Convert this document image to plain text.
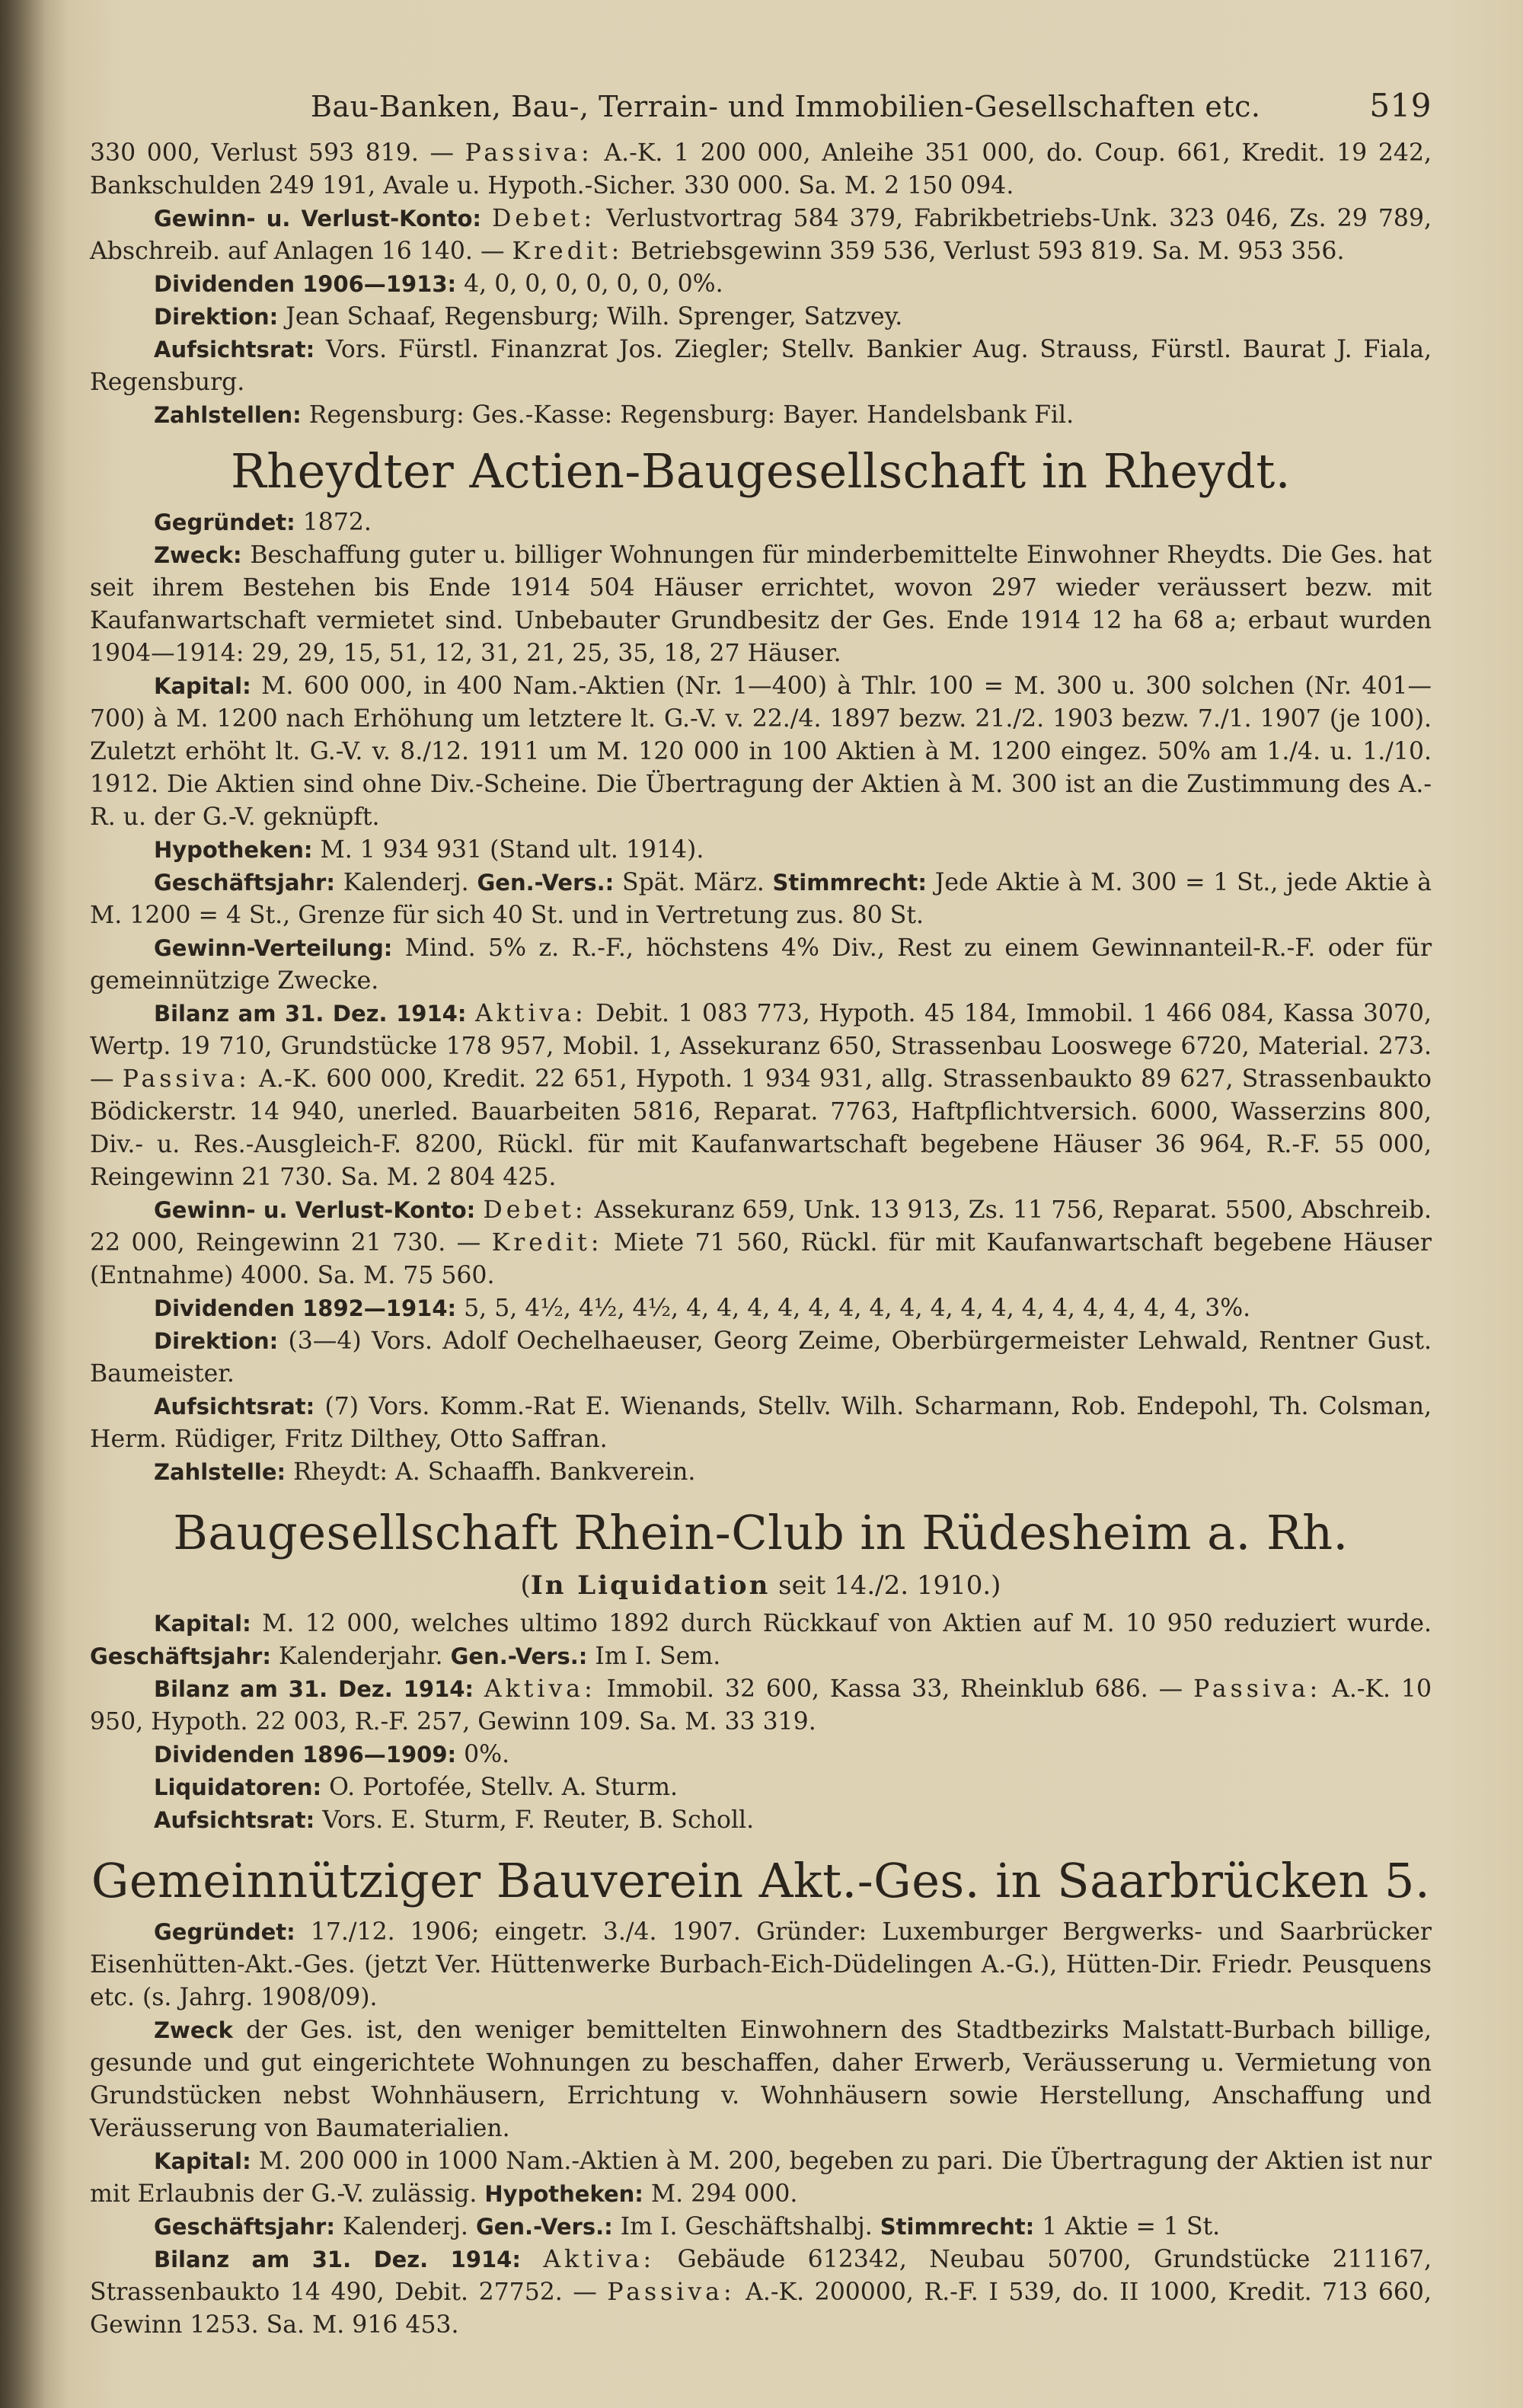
Bau-Banken, Bau-, Terrain- und Immobilien-Gesellschaften etc.	519

330 000, Verlust 593 819. — Passiva: A.-K. 1 200 000, Anleihe 351 000, do. Coup. 661, Kredit. 19 242, Bankschulden 249 191, Avale u. Hypoth.-Sicher. 330 000. Sa. M. 2 150 094.

Gewinn- u. Verlust-Konto: Debet: Verlustvortrag 584 379, Fabrikbetriebs-Unk. 323 046, Zs. 29 789, Abschreib. auf Anlagen 16 140. — Kredit: Betriebsgewinn 359 536, Verlust 593 819. Sa. M. 953 356.

Dividenden 1906—1913: 4, 0, 0, 0, 0, 0, 0, 0%.

Direktion: Jean Schaaf, Regensburg; Wilh. Sprenger, Satzvey.

Aufsichtsrat: Vors. Fürstl. Finanzrat Jos. Ziegler; Stellv. Bankier Aug. Strauss, Fürstl. Baurat J. Fiala, Regensburg.

Zahlstellen: Regensburg: Ges.-Kasse: Regensburg: Bayer. Handelsbank Fil.

Rheydter Actien-Baugesellschaft in Rheydt.

Gegründet: 1872.

Zweck: Beschaffung guter u. billiger Wohnungen für minderbemittelte Einwohner Rheydts. Die Ges. hat seit ihrem Bestehen bis Ende 1914 504 Häuser errichtet, wovon 297 wieder veräussert bezw. mit Kaufanwartschaft vermietet sind. Unbebauter Grundbesitz der Ges. Ende 1914 12 ha 68 a; erbaut wurden 1904—1914: 29, 29, 15, 51, 12, 31, 21, 25, 35, 18, 27 Häuser.

Kapital: M. 600 000, in 400 Nam.-Aktien (Nr. 1—400) à Thlr. 100 = M. 300 u. 300 solchen (Nr. 401—700) à M. 1200 nach Erhöhung um letztere lt. G.-V. v. 22./4. 1897 bezw. 21./2. 1903 bezw. 7./1. 1907 (je 100). Zuletzt erhöht lt. G.-V. v. 8./12. 1911 um M. 120 000 in 100 Aktien à M. 1200 eingez. 50% am 1./4. u. 1./10. 1912. Die Aktien sind ohne Div.-Scheine. Die Übertragung der Aktien à M. 300 ist an die Zustimmung des A.-R. u. der G.-V. geknüpft.

Hypotheken: M. 1 934 931 (Stand ult. 1914).

Geschäftsjahr: Kalenderj. Gen.-Vers.: Spät. März. Stimmrecht: Jede Aktie à M. 300 = 1 St., jede Aktie à M. 1200 = 4 St., Grenze für sich 40 St. und in Vertretung zus. 80 St.

Gewinn-Verteilung: Mind. 5% z. R.-F., höchstens 4% Div., Rest zu einem Gewinnanteil-R.-F. oder für gemeinnützige Zwecke.

Bilanz am 31. Dez. 1914: Aktiva: Debit. 1 083 773, Hypoth. 45 184, Immobil. 1 466 084, Kassa 3070, Wertp. 19 710, Grundstücke 178 957, Mobil. 1, Assekuranz 650, Strassenbau Looswege 6720, Material. 273. — Passiva: A.-K. 600 000, Kredit. 22 651, Hypoth. 1 934 931, allg. Strassenbaukto 89 627, Strassenbaukto Bödickerstr. 14 940, unerled. Bauarbeiten 5816, Reparat. 7763, Haftpflichtversich. 6000, Wasserzins 800, Div.- u. Res.-Ausgleich-F. 8200, Rückl. für mit Kaufanwartschaft begebene Häuser 36 964, R.-F. 55 000, Reingewinn 21 730. Sa. M. 2 804 425.

Gewinn- u. Verlust-Konto: Debet: Assekuranz 659, Unk. 13 913, Zs. 11 756, Reparat. 5500, Abschreib. 22 000, Reingewinn 21 730. — Kredit: Miete 71 560, Rückl. für mit Kaufanwartschaft begebene Häuser (Entnahme) 4000. Sa. M. 75 560.

Dividenden 1892—1914: 5, 5, 4½, 4½, 4½, 4, 4, 4, 4, 4, 4, 4, 4, 4, 4, 4, 4, 4, 4, 4, 4, 4, 3%.

Direktion: (3—4) Vors. Adolf Oechelhaeuser, Georg Zeime, Oberbürgermeister Lehwald, Rentner Gust. Baumeister.

Aufsichtsrat: (7) Vors. Komm.-Rat E. Wienands, Stellv. Wilh. Scharmann, Rob. Endepohl, Th. Colsman, Herm. Rüdiger, Fritz Dilthey, Otto Saffran.

Zahlstelle: Rheydt: A. Schaaffh. Bankverein.

Baugesellschaft Rhein-Club in Rüdesheim a. Rh.

(In Liquidation seit 14./2. 1910.)

Kapital: M. 12 000, welches ultimo 1892 durch Rückkauf von Aktien auf M. 10 950 reduziert wurde. Geschäftsjahr: Kalenderjahr. Gen.-Vers.: Im I. Sem.

Bilanz am 31. Dez. 1914: Aktiva: Immobil. 32 600, Kassa 33, Rheinklub 686. — Passiva: A.-K. 10 950, Hypoth. 22 003, R.-F. 257, Gewinn 109. Sa. M. 33 319.

Dividenden 1896—1909: 0%.

Liquidatoren: O. Portofée, Stellv. A. Sturm.

Aufsichtsrat: Vors. E. Sturm, F. Reuter, B. Scholl.

Gemeinnütziger Bauverein Akt.-Ges. in Saarbrücken 5.

Gegründet: 17./12. 1906; eingetr. 3./4. 1907. Gründer: Luxemburger Bergwerks- und Saarbrücker Eisenhütten-Akt.-Ges. (jetzt Ver. Hüttenwerke Burbach-Eich-Düdelingen A.-G.), Hütten-Dir. Friedr. Peusquens etc. (s. Jahrg. 1908/09).

Zweck der Ges. ist, den weniger bemittelten Einwohnern des Stadtbezirks Malstatt-Burbach billige, gesunde und gut eingerichtete Wohnungen zu beschaffen, daher Erwerb, Veräusserung u. Vermietung von Grundstücken nebst Wohnhäusern, Errichtung v. Wohnhäusern sowie Herstellung, Anschaffung und Veräusserung von Baumaterialien.

Kapital: M. 200 000 in 1000 Nam.-Aktien à M. 200, begeben zu pari. Die Übertragung der Aktien ist nur mit Erlaubnis der G.-V. zulässig. Hypotheken: M. 294 000.

Geschäftsjahr: Kalenderj. Gen.-Vers.: Im I. Geschäftshalbj. Stimmrecht: 1 Aktie = 1 St.

Bilanz am 31. Dez. 1914: Aktiva: Gebäude 612342, Neubau 50700, Grundstücke 211167, Strassenbaukto 14 490, Debit. 27752. — Passiva: A.-K. 200000, R.-F. I 539, do. II 1000, Kredit. 713 660, Gewinn 1253. Sa. M. 916 453.
